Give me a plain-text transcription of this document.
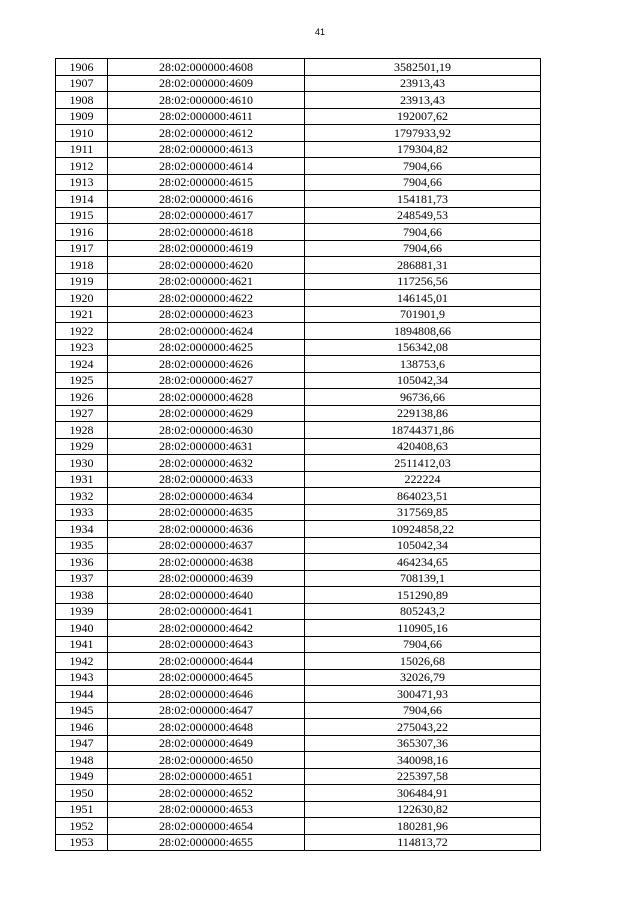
41
1906	28:02:000000:4608	3582501,19
1907	28:02:000000:4609	23913,43
1908	28:02:000000:4610	23913,43
1909	28:02:000000:4611	192007,62
1910	28:02:000000:4612	1797933,92
1911	28:02:000000:4613	179304,82
1912	28:02:000000:4614	7904,66
1913	28:02:000000:4615	7904,66
1914	28:02:000000:4616	154181,73
1915	28:02:000000:4617	248549,53
1916	28:02:000000:4618	7904,66
1917	28:02:000000:4619	7904,66
1918	28:02:000000:4620	286881,31
1919	28:02:000000:4621	117256,56
1920	28:02:000000:4622	146145,01
1921	28:02:000000:4623	701901,9
1922	28:02:000000:4624	1894808,66
1923	28:02:000000:4625	156342,08
1924	28:02:000000:4626	138753,6
1925	28:02:000000:4627	105042,34
1926	28:02:000000:4628	96736,66
1927	28:02:000000:4629	229138,86
1928	28:02:000000:4630	18744371,86
1929	28:02:000000:4631	420408,63
1930	28:02:000000:4632	2511412,03
1931	28:02:000000:4633	222224
1932	28:02:000000:4634	864023,51
1933	28:02:000000:4635	317569,85
1934	28:02:000000:4636	10924858,22
1935	28:02:000000:4637	105042,34
1936	28:02:000000:4638	464234,65
1937	28:02:000000:4639	708139,1
1938	28:02:000000:4640	151290,89
1939	28:02:000000:4641	805243,2
1940	28:02:000000:4642	110905,16
1941	28:02:000000:4643	7904,66
1942	28:02:000000:4644	15026,68
1943	28:02:000000:4645	32026,79
1944	28:02:000000:4646	300471,93
1945	28:02:000000:4647	7904,66
1946	28:02:000000:4648	275043,22
1947	28:02:000000:4649	365307,36
1948	28:02:000000:4650	340098,16
1949	28:02:000000:4651	225397,58
1950	28:02:000000:4652	306484,91
1951	28:02:000000:4653	122630,82
1952	28:02:000000:4654	180281,96
1953	28:02:000000:4655	114813,72
